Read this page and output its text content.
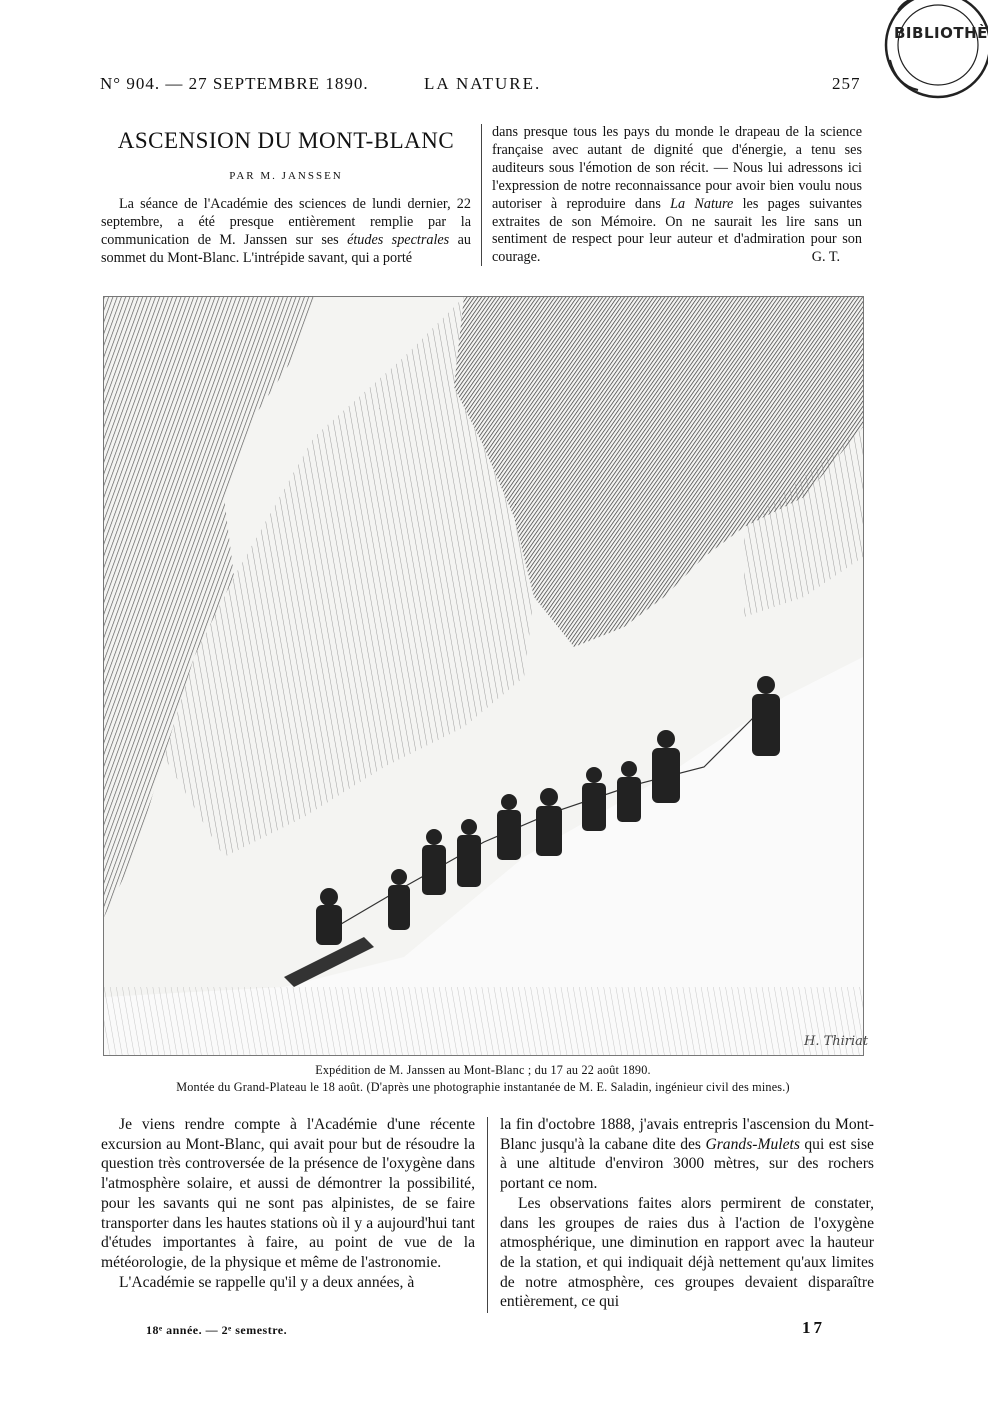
BIBLIOTHÈ
N° 904. — 27 SEPTEMBRE 1890.	LA NATURE.	257
ASCENSION DU MONT-BLANC
PAR M. JANSSEN

La séance de l'Académie des sciences de lundi dernier, 22 septembre, a été presque entièrement remplie par la communication de M. Janssen sur ses études spectrales au sommet du Mont-Blanc. L'intrépide savant, qui a porté

dans presque tous les pays du monde le drapeau de la science française avec autant de dignité que d'énergie, a tenu ses auditeurs sous l'émotion de son récit. — Nous lui adressons ici l'expression de notre reconnaissance pour avoir bien voulu nous autoriser à reproduire dans La Nature les pages suivantes extraites de son Mémoire. On ne saurait les lire sans un sentiment de respect pour leur auteur et d'admiration pour son courage.	G. T.

H. Thiriat
Expédition de M. Janssen au Mont-Blanc ; du 17 au 22 août 1890.
Montée du Grand-Plateau le 18 août. (D'après une photographie instantanée de M. E. Saladin, ingénieur civil des mines.)

Je viens rendre compte à l'Académie d'une récente excursion au Mont-Blanc, qui avait pour but de résoudre la question très controversée de la présence de l'oxygène dans l'atmosphère solaire, et aussi de démontrer la possibilité, pour les savants qui ne sont pas alpinistes, de se faire transporter dans les hautes stations où il y a aujourd'hui tant d'études importantes à faire, au point de vue de la météorologie, de la physique et même de l'astronomie.

L'Académie se rappelle qu'il y a deux années, à

la fin d'octobre 1888, j'avais entrepris l'ascension du Mont-Blanc jusqu'à la cabane dite des Grands-Mulets qui est sise à une altitude d'environ 3000 mètres, sur des rochers portant ce nom.

Les observations faites alors permirent de constater, dans les groupes de raies dus à l'action de l'oxygène atmosphérique, une diminution en rapport avec la hauteur de la station, et qui indiquait déjà nettement qu'aux limites de notre atmosphère, ces groupes devaient disparaître entièrement, ce qui

18ᵉ année. — 2ᵉ semestre.	17
